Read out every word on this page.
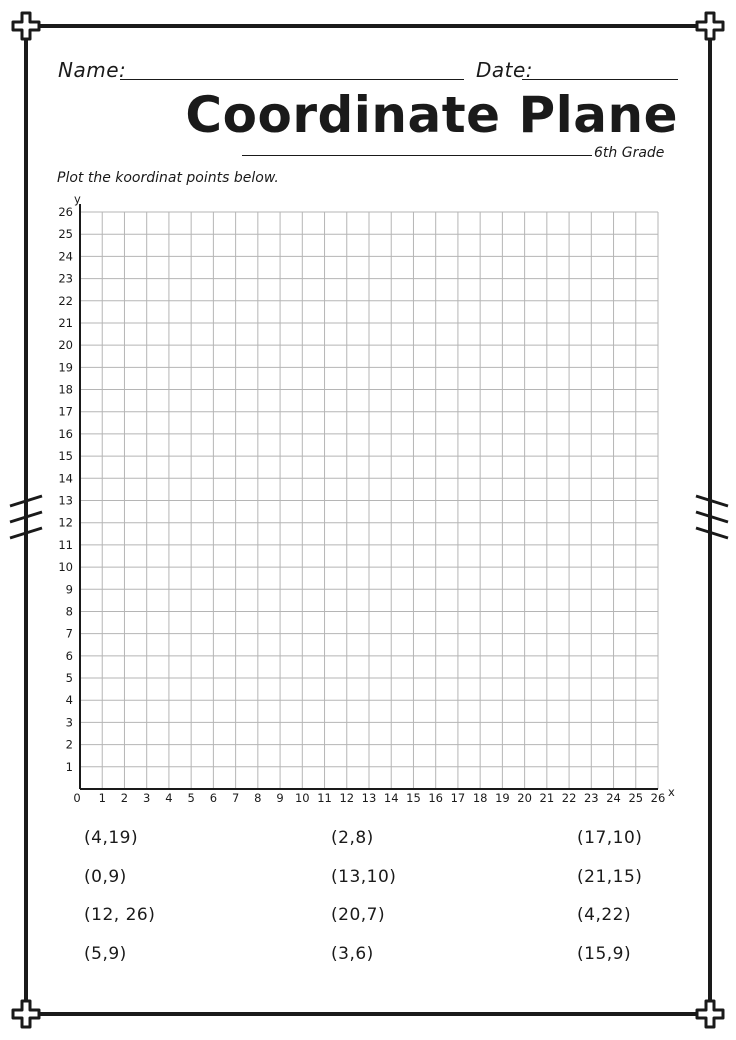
Name:	Date:
Coordinate Plane
6th Grade
Plot the koordinat points below.
0 1 2 3 4 5 6 7 8 9 10 11 12 13 14 15 16 17 18 19 20 21 22 23 24 25 26
1
2
3
4
5
6
7
8
9
10
11
12
13
14
15
16
17
18
19
20
21
22
23
24
25
26
x
y
(4,19)
(0,9)
(12, 26)
(5,9)
(2,8)
(13,10)
(20,7)
(3,6)
(17,10)
(21,15)
(4,22)
(15,9)
